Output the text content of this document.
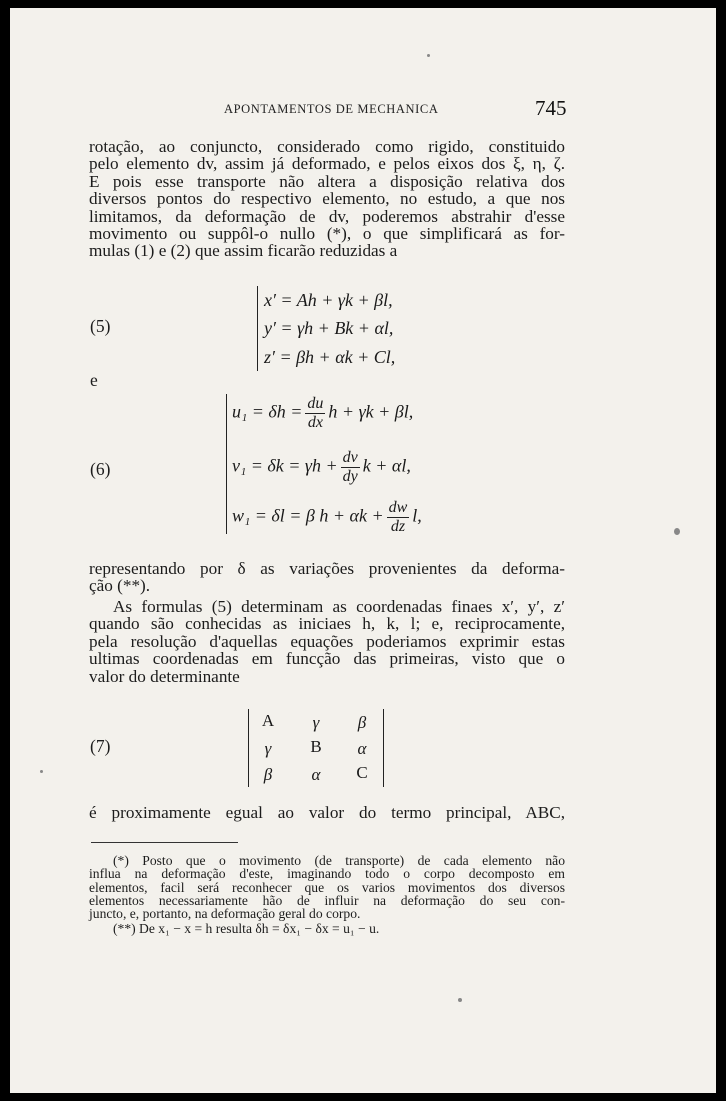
APONTAMENTOS DE MECHANICA	745

rotação, ao conjuncto, considerado como rigido, constituido
pelo elemento dv, assim já deformado, e pelos eixos dos ξ, η, ζ.
E pois esse transporte não altera a disposição relativa dos
diversos pontos do respectivo elemento, no estudo, a que nos
limitamos, da deformação de dv, poderemos abstrahir d'esse
movimento ou suppôl-o nullo (*), o que simplificará as for-
mulas (1) e (2) que assim ficarão reduzidas a

(5)
x′ = Ah + γk + βl,
y′ = γh + Bk + αl,
z′ = βh + αk + Cl,
e
(6)
$u_1 = \delta h = \frac{du}{dx}$ h + γk + βl,
$v_1 = \delta k = \gamma h + \frac{dv}{dy}$ k + αl,
w₁ = δl = β $h + \alpha k + \frac{dw}{dz} l$,

representando por δ as variações provenientes da deforma-
ção (**).

As formulas (5) determinam as coordenadas finaes x′, y′, z′
quando são conhecidas as iniciaes h, k, l; e, reciprocamente,
pela resolução d'aquellas equações poderiamos exprimir estas
ultimas coordenadas em funcção das primeiras, visto que o
valor do determinante

(7)
A	γ	β
γ	B	α
β	α	C

é proximamente egual ao valor do termo principal, ABC,

(*) Posto que o movimento (de transporte) de cada elemento não
influa na deformação d'este, imaginando todo o corpo decomposto em
elementos, facil será reconhecer que os varios movimentos dos diversos
elementos necessariamente hão de influir na deformação do seu con-
juncto, e, portanto, na deformação geral do corpo.

(**) De x₁ − x = h resulta δh = δx₁ − δx = u₁ − u.
